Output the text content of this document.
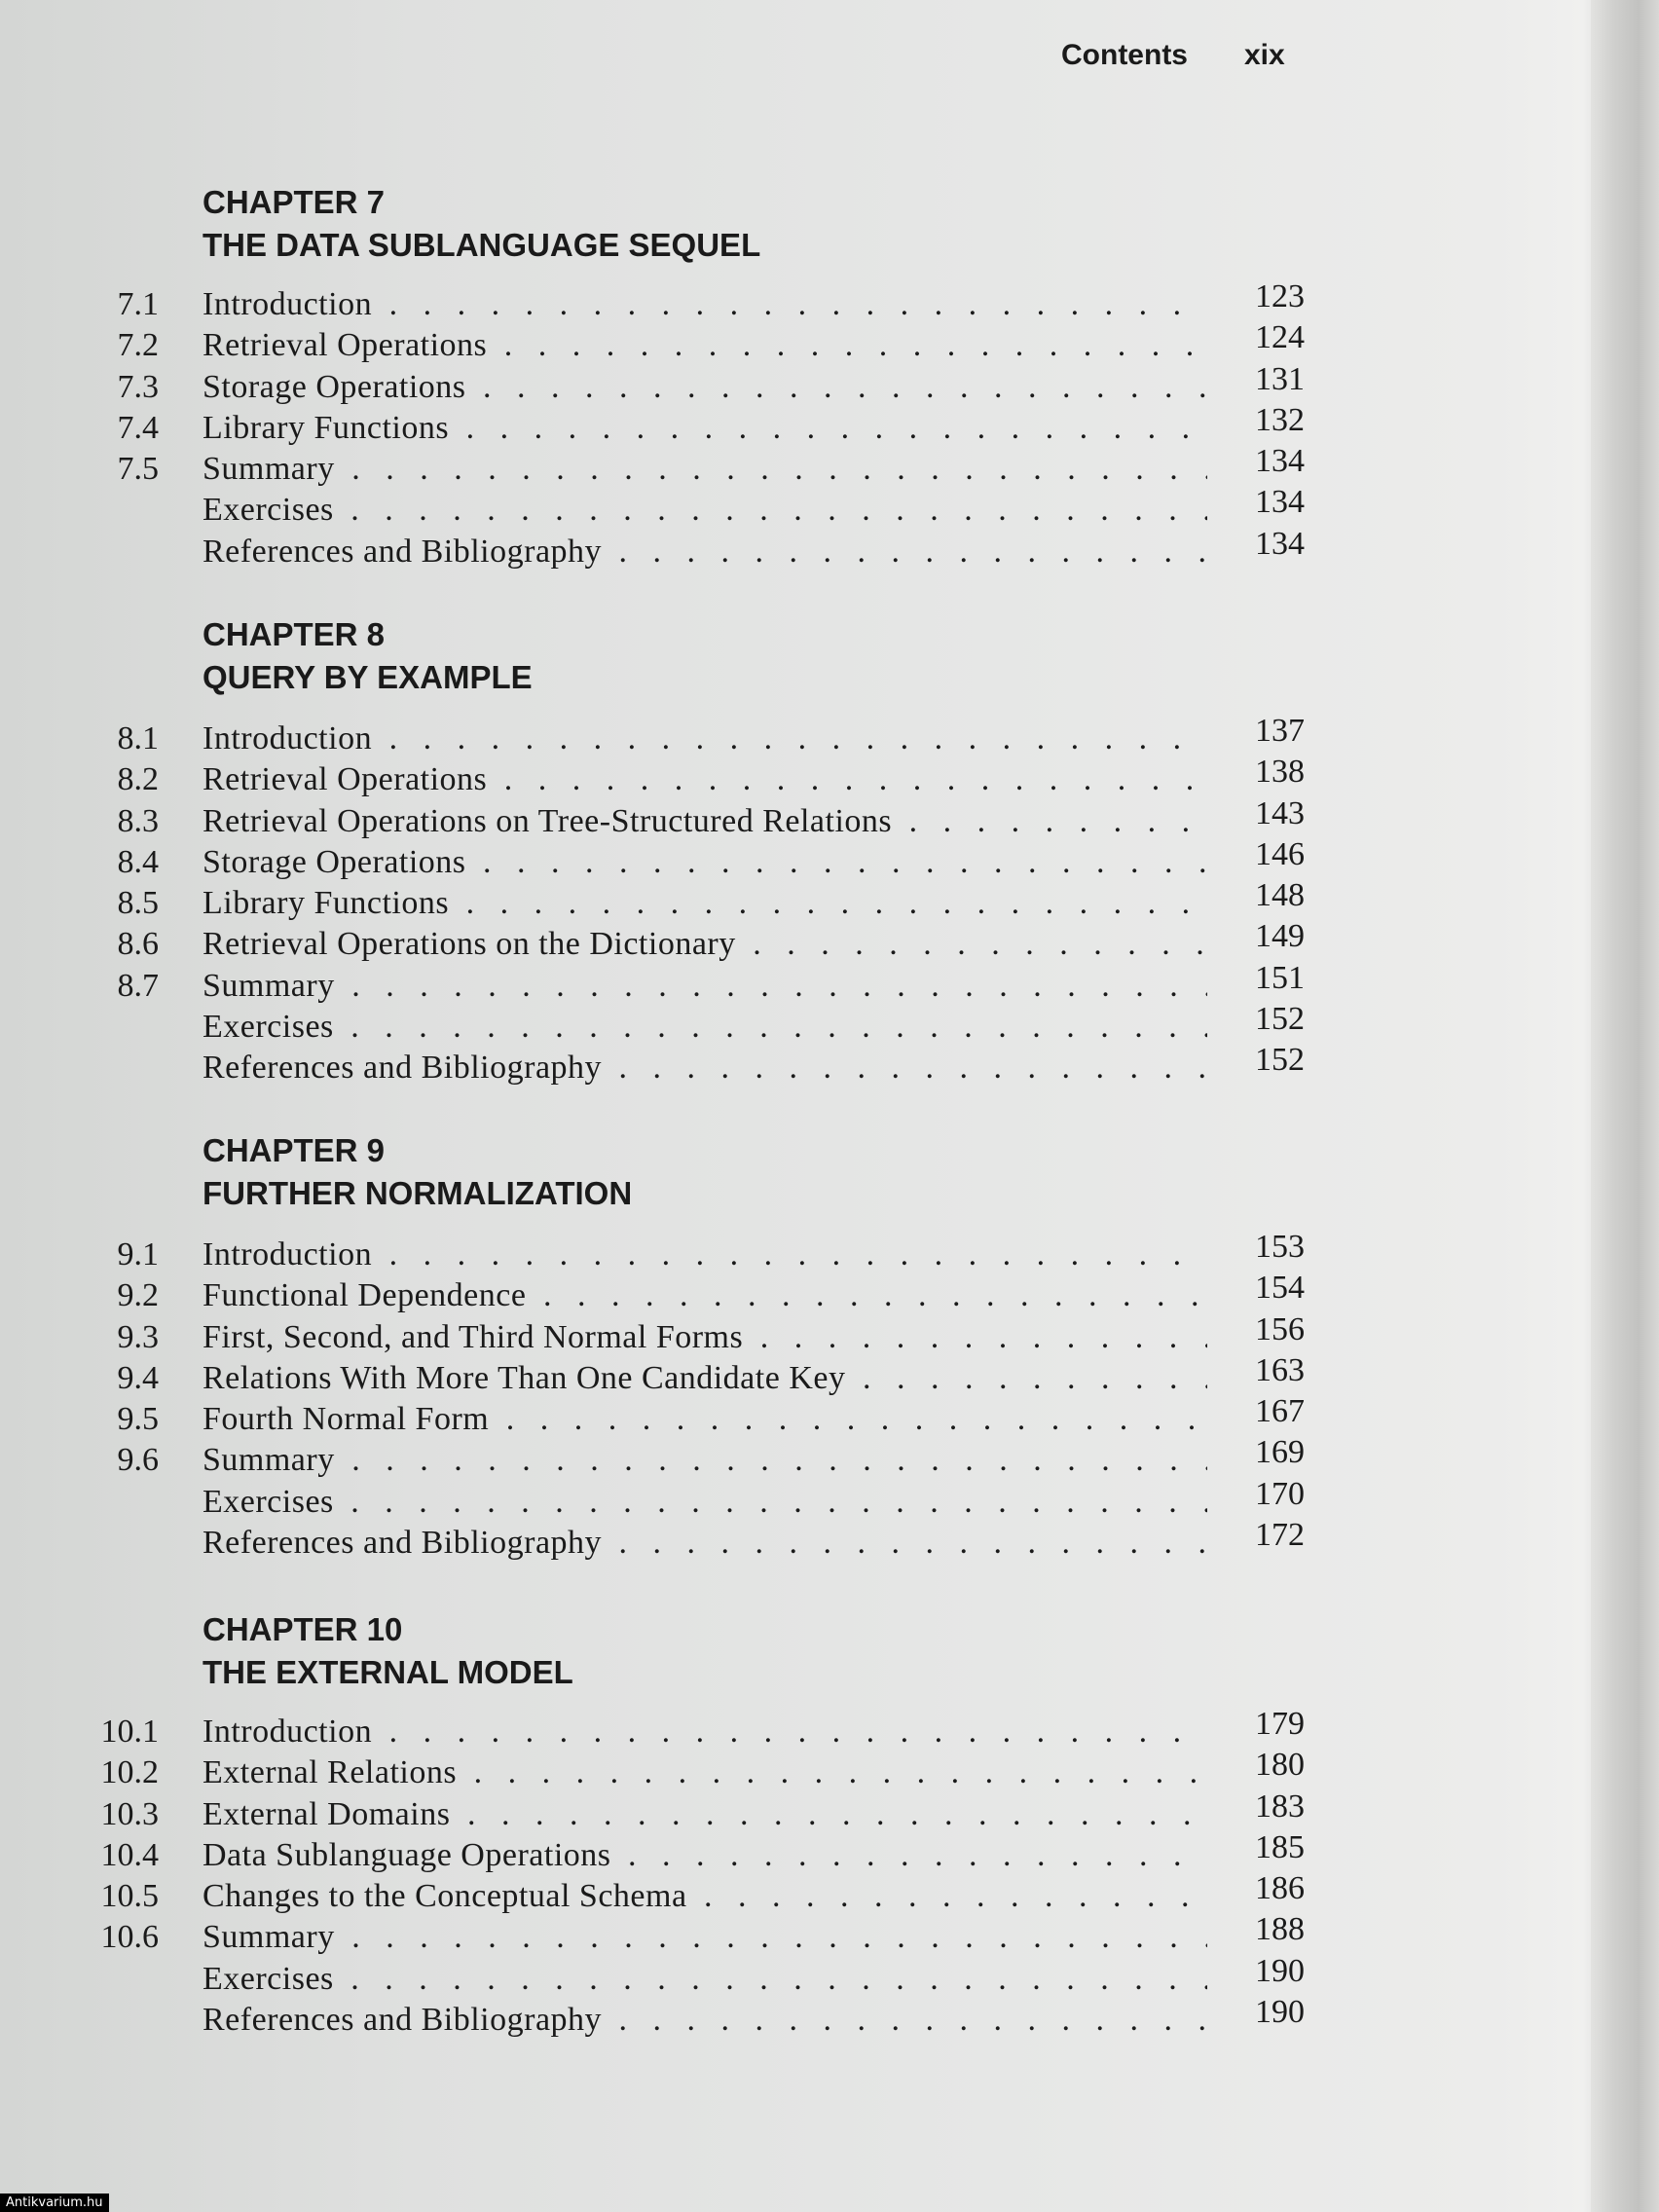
Contents xix
CHAPTER 7
THE DATA SUBLANGUAGE SEQUEL
7.1 Introduction . . .	123
7.2 Retrieval Operations . . .	124
7.3 Storage Operations . . .	131
7.4 Library Functions . . .	132
7.5 Summary . . .	134
Exercises . . .	134
References and Bibliography . . .	134
CHAPTER 8
QUERY BY EXAMPLE
8.1 Introduction . . .	137
8.2 Retrieval Operations . . .	138
8.3 Retrieval Operations on Tree-Structured Relations . . .	143
8.4 Storage Operations . . .	146
8.5 Library Functions . . .	148
8.6 Retrieval Operations on the Dictionary . . .	149
8.7 Summary . . .	151
Exercises . . .	152
References and Bibliography . . .	152
CHAPTER 9
FURTHER NORMALIZATION
9.1 Introduction . . .	153
9.2 Functional Dependence . . .	154
9.3 First, Second, and Third Normal Forms . . .	156
9.4 Relations With More Than One Candidate Key . . .	163
9.5 Fourth Normal Form . . .	167
9.6 Summary . . .	169
Exercises . . .	170
References and Bibliography . . .	172
CHAPTER 10
THE EXTERNAL MODEL
10.1 Introduction . . .	179
10.2 External Relations . . .	180
10.3 External Domains . . .	183
10.4 Data Sublanguage Operations . . .	185
10.5 Changes to the Conceptual Schema . . .	186
10.6 Summary . . .	188
Exercises . . .	190
References and Bibliography . . .	190
Antikvarium.hu
